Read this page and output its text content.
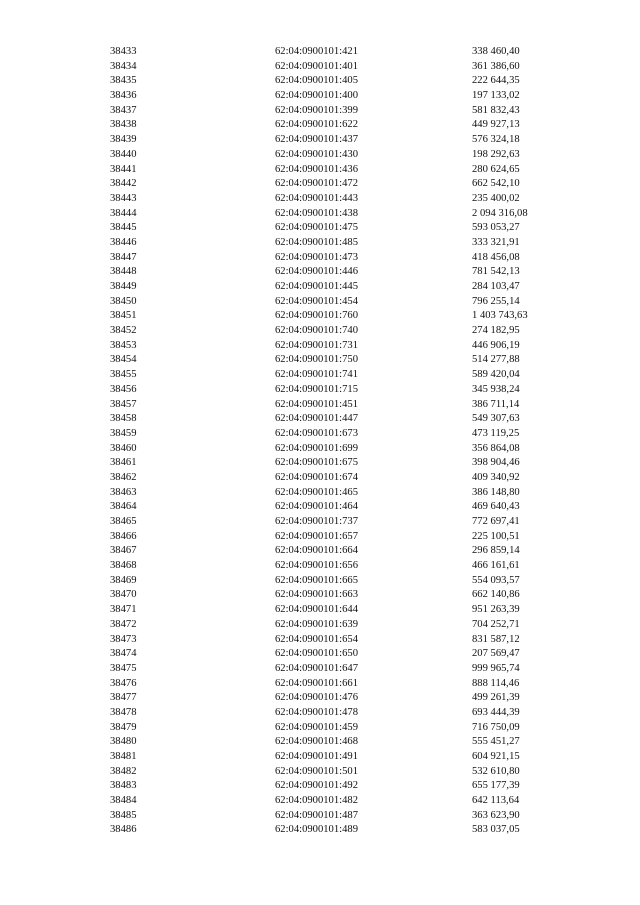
38433	62:04:0900101:421	338 460,40
38434	62:04:0900101:401	361 386,60
38435	62:04:0900101:405	222 644,35
38436	62:04:0900101:400	197 133,02
38437	62:04:0900101:399	581 832,43
38438	62:04:0900101:622	449 927,13
38439	62:04:0900101:437	576 324,18
38440	62:04:0900101:430	198 292,63
38441	62:04:0900101:436	280 624,65
38442	62:04:0900101:472	662 542,10
38443	62:04:0900101:443	235 400,02
38444	62:04:0900101:438	2 094 316,08
38445	62:04:0900101:475	593 053,27
38446	62:04:0900101:485	333 321,91
38447	62:04:0900101:473	418 456,08
38448	62:04:0900101:446	781 542,13
38449	62:04:0900101:445	284 103,47
38450	62:04:0900101:454	796 255,14
38451	62:04:0900101:760	1 403 743,63
38452	62:04:0900101:740	274 182,95
38453	62:04:0900101:731	446 906,19
38454	62:04:0900101:750	514 277,88
38455	62:04:0900101:741	589 420,04
38456	62:04:0900101:715	345 938,24
38457	62:04:0900101:451	386 711,14
38458	62:04:0900101:447	549 307,63
38459	62:04:0900101:673	473 119,25
38460	62:04:0900101:699	356 864,08
38461	62:04:0900101:675	398 904,46
38462	62:04:0900101:674	409 340,92
38463	62:04:0900101:465	386 148,80
38464	62:04:0900101:464	469 640,43
38465	62:04:0900101:737	772 697,41
38466	62:04:0900101:657	225 100,51
38467	62:04:0900101:664	296 859,14
38468	62:04:0900101:656	466 161,61
38469	62:04:0900101:665	554 093,57
38470	62:04:0900101:663	662 140,86
38471	62:04:0900101:644	951 263,39
38472	62:04:0900101:639	704 252,71
38473	62:04:0900101:654	831 587,12
38474	62:04:0900101:650	207 569,47
38475	62:04:0900101:647	999 965,74
38476	62:04:0900101:661	888 114,46
38477	62:04:0900101:476	499 261,39
38478	62:04:0900101:478	693 444,39
38479	62:04:0900101:459	716 750,09
38480	62:04:0900101:468	555 451,27
38481	62:04:0900101:491	604 921,15
38482	62:04:0900101:501	532 610,80
38483	62:04:0900101:492	655 177,39
38484	62:04:0900101:482	642 113,64
38485	62:04:0900101:487	363 623,90
38486	62:04:0900101:489	583 037,05
